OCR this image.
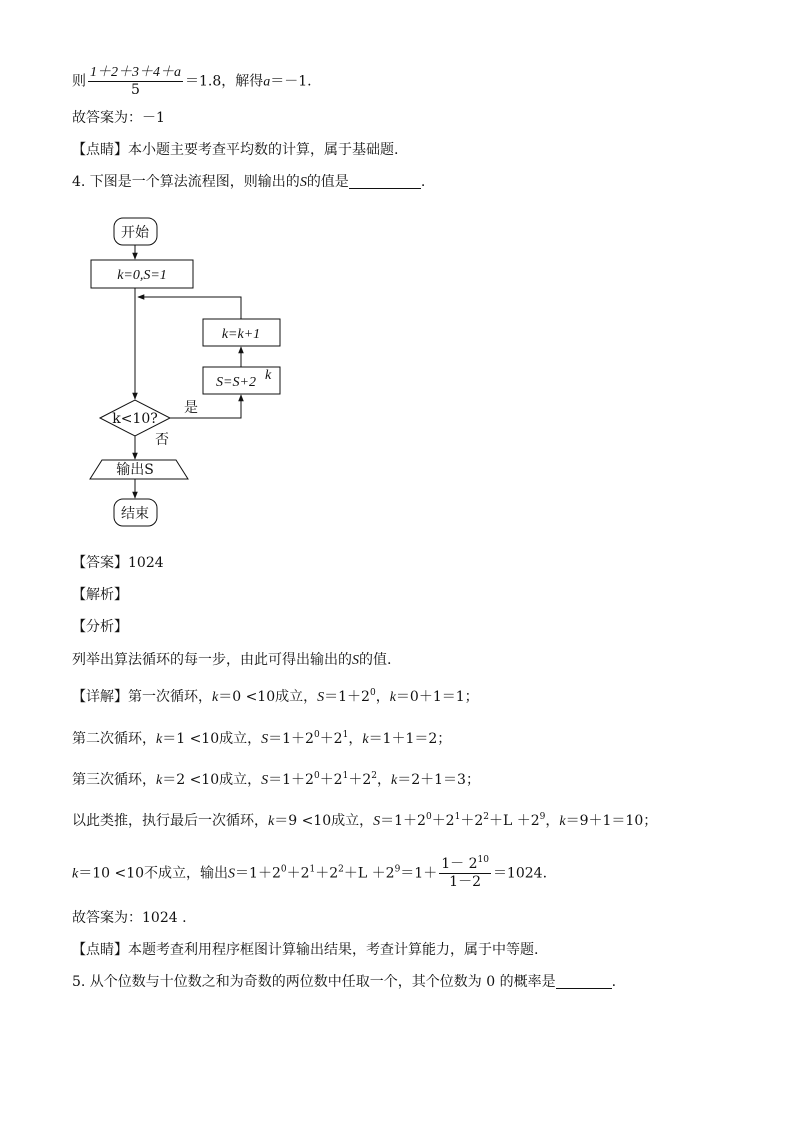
则 $\frac{1+2+3+4+a}{5} =1.8$，解得a＝－1.
故答案为：－1
【点睛】本小题主要考查平均数的计算，属于基础题.
4. 下图是一个算法流程图，则输出的S的值是	.
开始
k=0,S=1
k=k+1
S=S+2 k
k<10?
是
否
输出S
结束
【答案】1024
【解析】
【分析】
列举出算法循环的每一步，由此可得出输出的S的值.
【详解】第一次循环，k＝0 <10成立，$S=1+2^0$，k＝0＋1＝1；
第二次循环，k＝1 <10成立，$S=1+2^0+2^1$，k＝1＋1＝2；
第三次循环，k＝2 <10成立，$S=1+2^0+2^1+2^2$，k＝2＋1＝3；
以此类推，执行最后一次循环，k＝9 <10成立，$S=1+2^0+2^1+2^2+L +2^9$，k＝9＋1＝10；
k＝10 <10不成立，输出$S=1+2^0+2^1+2^2+L +2^9=1+ \frac{1- 2^{10}}{1-2} =1024$.
故答案为：1024 .
【点睛】本题考查利用程序框图计算输出结果，考查计算能力，属于中等题.
5. 从个位数与十位数之和为奇数的两位数中任取一个，其个位数为 0 的概率是	.
